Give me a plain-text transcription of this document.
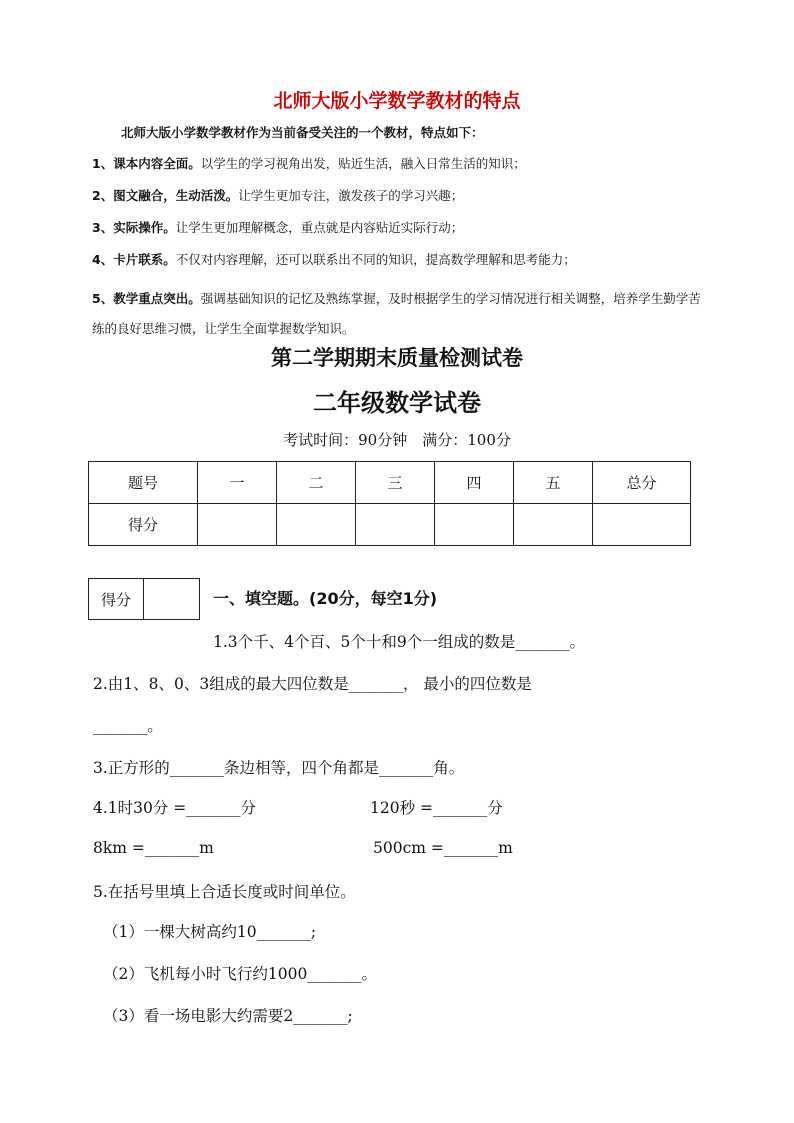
北师大版小学数学教材的特点
北师大版小学数学教材作为当前备受关注的一个教材，特点如下：
1、课本内容全面。以学生的学习视角出发，贴近生活，融入日常生活的知识；
2、图文融合，生动活泼。让学生更加专注，激发孩子的学习兴趣；
3、实际操作。让学生更加理解概念，重点就是内容贴近实际行动；
4、卡片联系。不仅对内容理解，还可以联系出不同的知识，提高数学理解和思考能力；
5、教学重点突出。强调基础知识的记忆及熟练掌握，及时根据学生的学习情况进行相关调整，培养学生勤学苦练的良好思维习惯，让学生全面掌握数学知识。
第二学期期末质量检测试卷
二年级数学试卷
考试时间：90分钟　满分：100分
题号	一	二	三	四	五	总分
得分						
得分	一、填空题。(20分，每空1分)
1.3个千、4个百、5个十和9个一组成的数是_______。
2.由1、8、0、3组成的最大四位数是_______， 最小的四位数是
_______。
3.正方形的_______条边相等，四个角都是_______角。
4.1时30分 =_______分	120秒 =_______分
8km =_______m	500cm =_______m
5.在括号里填上合适长度或时间单位。
（1）一棵大树高约10_______;
（2）飞机每小时飞行约1000_______。
（3）看一场电影大约需要2_______;
